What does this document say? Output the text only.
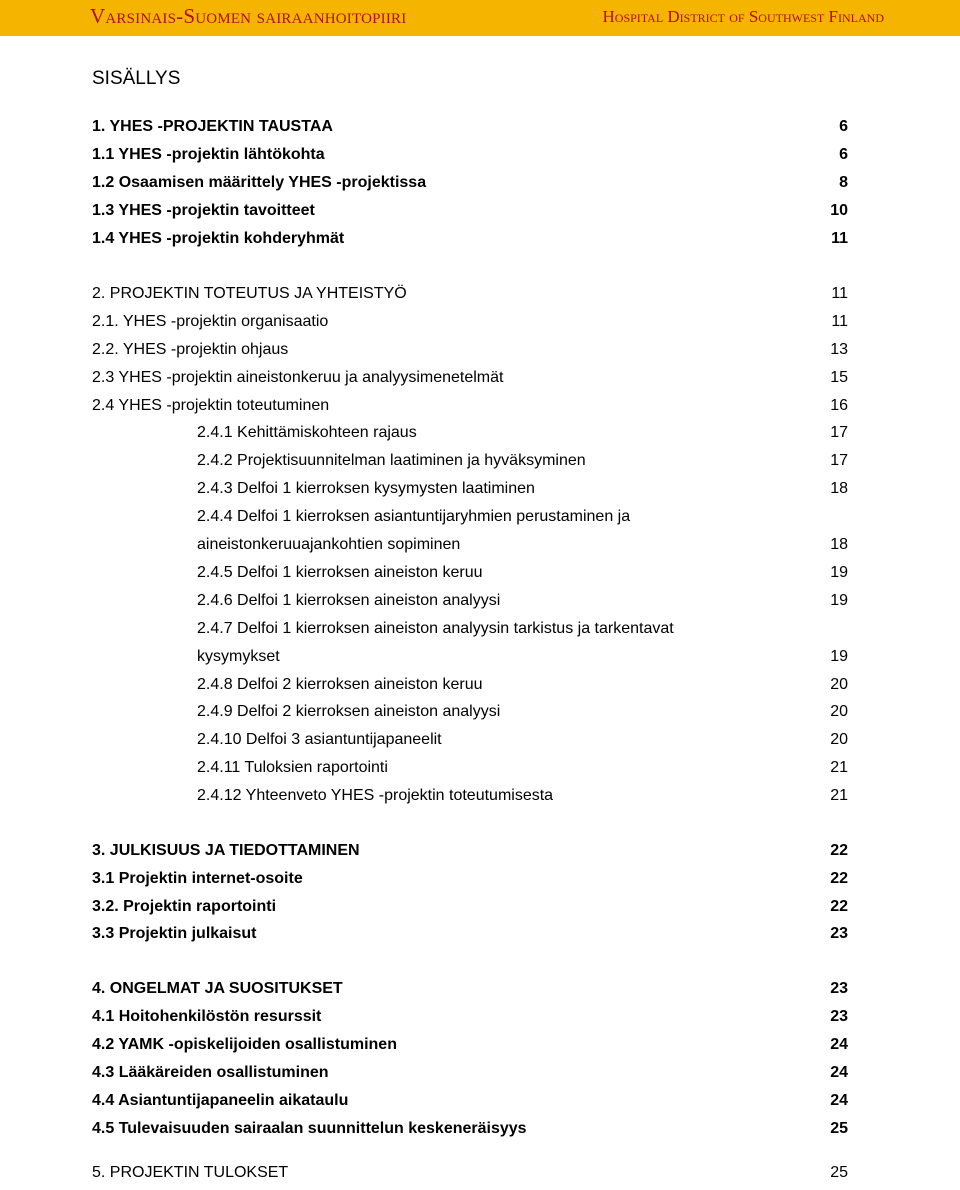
Varsinais-Suomen sairaanhoitopiiri	Hospital District of Southwest Finland
SISÄLLYS
1. YHES -PROJEKTIN TAUSTAA	6
1.1 YHES -projektin lähtökohta	6
1.2 Osaamisen määrittely YHES -projektissa	8
1.3 YHES -projektin tavoitteet	10
1.4 YHES -projektin kohderyhmät	11
2. PROJEKTIN TOTEUTUS JA YHTEISTYÖ	11
2.1. YHES -projektin organisaatio	11
2.2. YHES -projektin ohjaus	13
2.3 YHES -projektin aineistonkeruu ja analyysimenetelmät	15
2.4 YHES -projektin toteutuminen	16
2.4.1 Kehittämiskohteen rajaus	17
2.4.2 Projektisuunnitelman laatiminen ja hyväksyminen	17
2.4.3 Delfoi 1 kierroksen kysymysten laatiminen	18
2.4.4 Delfoi 1 kierroksen asiantuntijaryhmien perustaminen ja
aineistonkeruuajankohtien sopiminen	18
2.4.5 Delfoi 1 kierroksen aineiston keruu	19
2.4.6 Delfoi 1 kierroksen aineiston analyysi	19
2.4.7 Delfoi 1 kierroksen aineiston analyysin tarkistus ja tarkentavat
kysymykset	19
2.4.8 Delfoi 2 kierroksen aineiston keruu	20
2.4.9 Delfoi 2 kierroksen aineiston analyysi	20
2.4.10 Delfoi 3 asiantuntijapaneelit	20
2.4.11 Tuloksien raportointi	21
2.4.12 Yhteenveto YHES -projektin toteutumisesta	21
3. JULKISUUS JA TIEDOTTAMINEN	22
3.1 Projektin internet-osoite	22
3.2. Projektin raportointi	22
3.3 Projektin julkaisut	23
4. ONGELMAT JA SUOSITUKSET	23
4.1 Hoitohenkilöstön resurssit	23
4.2 YAMK -opiskelijoiden osallistuminen	24
4.3 Lääkäreiden osallistuminen	24
4.4 Asiantuntijapaneelin aikataulu	24
4.5 Tulevaisuuden sairaalan suunnittelun keskeneräisyys	25
5. PROJEKTIN TULOKSET	25
